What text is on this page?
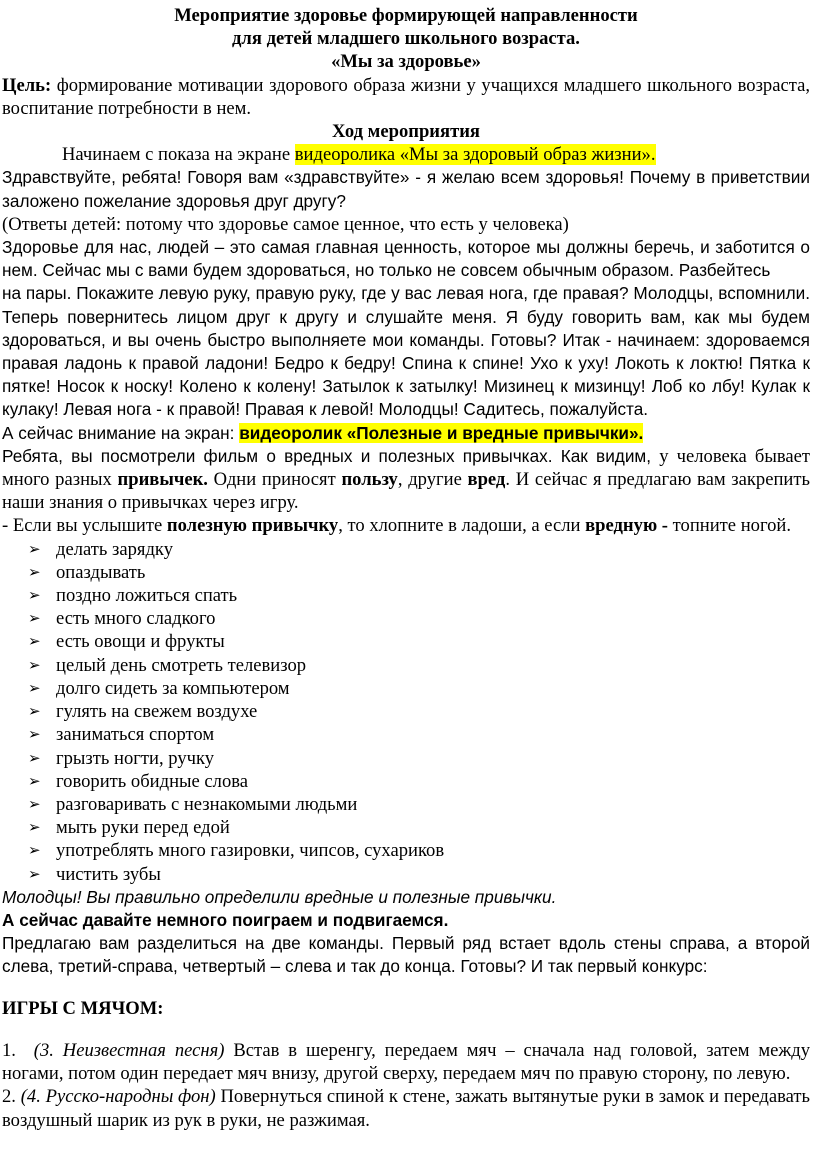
Мероприятие здоровье формирующей направленности

для детей младшего школьного возраста.

«Мы за здоровье»

Цель: формирование мотивации здорового образа жизни у учащихся младшего школьного возраста, воспитание потребности в нем.

Ход мероприятия

Начинаем с показа на экране видеоролика «Мы за здоровый образ жизни».

Здравствуйте, ребята! Говоря вам «здравствуйте» - я желаю всем здоровья! Почему в приветствии заложено пожелание здоровья друг другу?

(Ответы детей: потому что здоровье самое ценное, что есть у человека)

Здоровье для нас, людей – это самая главная ценность, которое мы должны беречь, и заботится о нем. Сейчас мы с вами будем здороваться, но только не совсем обычным образом. Разбейтесь

на пары. Покажите левую руку, правую руку, где у вас левая нога, где правая? Молодцы, вспомнили. Теперь повернитесь лицом друг к другу и слушайте меня. Я буду говорить вам, как мы будем здороваться, и вы очень быстро выполняете мои команды. Готовы? Итак - начинаем: здороваемся правая ладонь к правой ладони! Бедро к бедру! Спина к спине! Ухо к уху! Локоть к локтю! Пятка к пятке! Носок к носку! Колено к колену! Затылок к затылку! Мизинец к мизинцу! Лоб ко лбу! Кулак к кулаку! Левая нога - к правой! Правая к левой! Молодцы! Садитесь, пожалуйста.

А сейчас внимание на экран: видеоролик «Полезные и вредные привычки».

Ребята, вы посмотрели фильм о вредных и полезных привычках. Как видим, у человека бывает много разных привычек. Одни приносят пользу, другие вред. И сейчас я предлагаю вам закрепить наши знания о привычках через игру.

- Если вы услышите полезную привычку, то хлопните в ладоши, а если вредную - топните ногой.

➢ делать зарядку
➢ опаздывать
➢ поздно ложиться спать
➢ есть много сладкого
➢ есть овощи и фрукты
➢ целый день смотреть телевизор
➢ долго сидеть за компьютером
➢ гулять на свежем воздухе
➢ заниматься спортом
➢ грызть ногти, ручку
➢ говорить обидные слова
➢ разговаривать с незнакомыми людьми
➢ мыть руки перед едой
➢ употреблять много газировки, чипсов, сухариков
➢ чистить зубы

Молодцы! Вы правильно определили вредные и полезные привычки.

А сейчас давайте немного поиграем и подвигаемся.

Предлагаю вам разделиться на две команды. Первый ряд встает вдоль стены справа, а второй слева, третий-справа, четвертый – слева и так до конца. Готовы? И так первый конкурс:

ИГРЫ С МЯЧОМ:

1. (3. Неизвестная песня) Встав в шеренгу, передаем мяч – сначала над головой, затем между ногами, потом один передает мяч внизу, другой сверху, передаем мяч по правую сторону, по левую.

2. (4. Русско-народны фон) Повернуться спиной к стене, зажать вытянутые руки в замок и передавать воздушный шарик из рук в руки, не разжимая.
